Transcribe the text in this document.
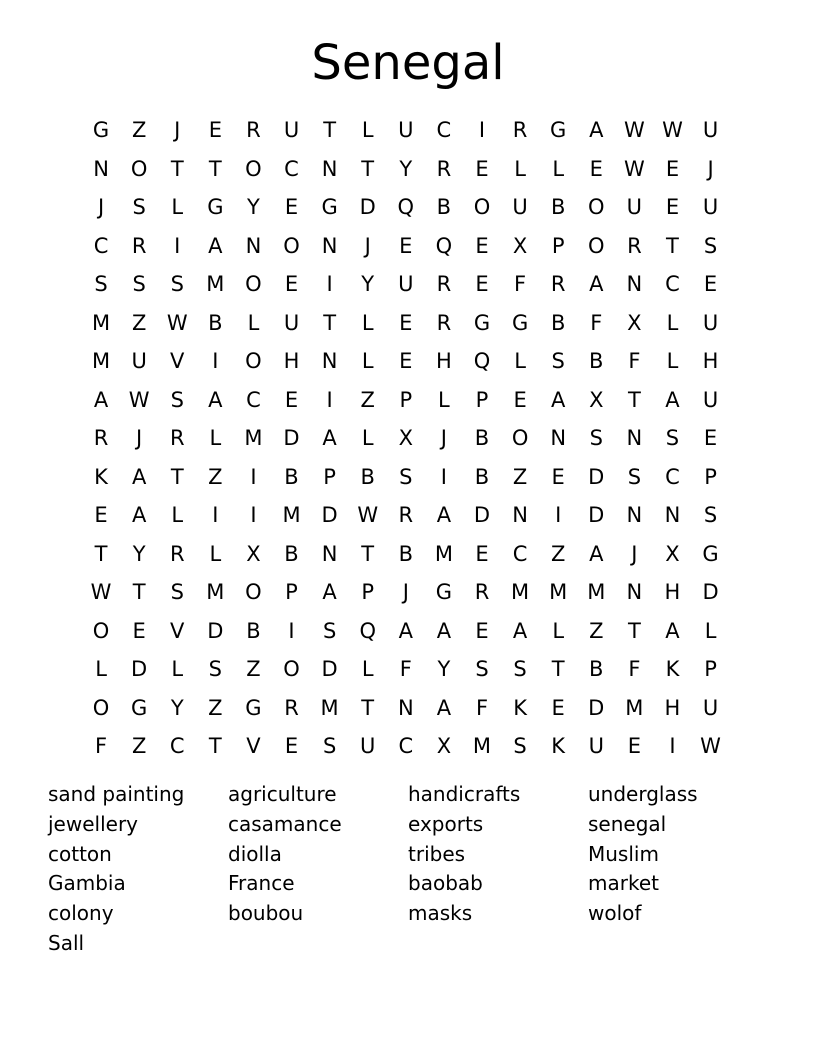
Senegal
G	Z	J	E	R	U	T	L	U	C	I	R	G	A W W U
N	O	T	T	O	C	N	T	Y	R	E	L	L	E	W	E	J
J	S	L	G	Y	E	G	D	Q	B	O	U	B	O	U	E	U
C	R	I	A	N	O	N	J	E	Q	E	X	P	O	R	T	S
S	S	S	M O	E	I	Y	U	R	E	F	R	A	N	C	E
M	Z W B	L	U	T	L	E	R	G	G	B	F	X	L	U
M	U	V	I	O	H	N	L	E	H	Q	L	S	B	F	L	H
A W	S	A	C	E	I	Z	P	L	P	E	A	X	T	A	U
R	J	R	L	M D	A	L	X	J	B	O	N	S	N	S	E
K	A	T	Z	I	B	P	B	S	I	B	Z	E	D	S	C	P
E	A	L	I	I	M D W R	A	D	N	I	D	N	N	S
T	Y	R	L	X	B	N	T	B	M	E	C	Z	A	J	X	G
W	T	S	M O	P	A	P	J	G	R	M M M	N	H	D
O	E	V	D	B	I	S	Q	A	A	E	A	L	Z	T	A	L
L	D	L	S	Z	O	D	L	F	Y	S	S	T	B	F	K	P
O	G	Y	Z	G	R	M	T	N	A	F	K	E	D M	H	U
F	Z	C	T	V	E	S	U	C	X	M	S	K	U	E	I	W
sand painting	agriculture	handicrafts	underglass
jewellery	casamance	exports	senegal
cotton	diolla	tribes	Muslim
Gambia	France	baobab	market
colony	boubou	masks	wolof
Sall
